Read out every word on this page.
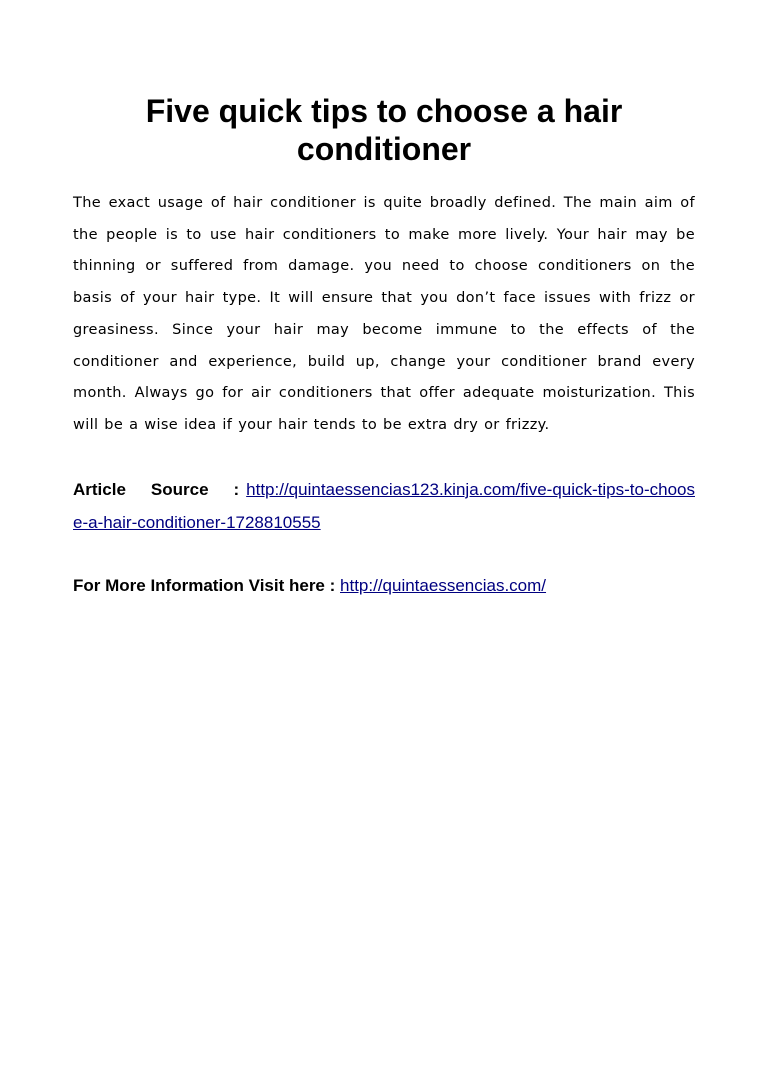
Five quick tips to choose a hair conditioner

The exact usage of hair conditioner is quite broadly defined. The main aim of the people is to use hair conditioners to make more lively. Your hair may be thinning or suffered from damage. you need to choose conditioners on the basis of your hair type. It will ensure that you don’t face issues with frizz or greasiness. Since your hair may become immune to the effects of the conditioner and experience, build up, change your conditioner brand every month. Always go for air conditioners that offer adequate moisturization. This will be a wise idea if your hair tends to be extra dry or frizzy.

Article Source : http://quintaessencias123.kinja.com/five-quick-tips-to-choose-a-hair-conditioner-1728810555

For More Information Visit here : http://quintaessencias.com/
